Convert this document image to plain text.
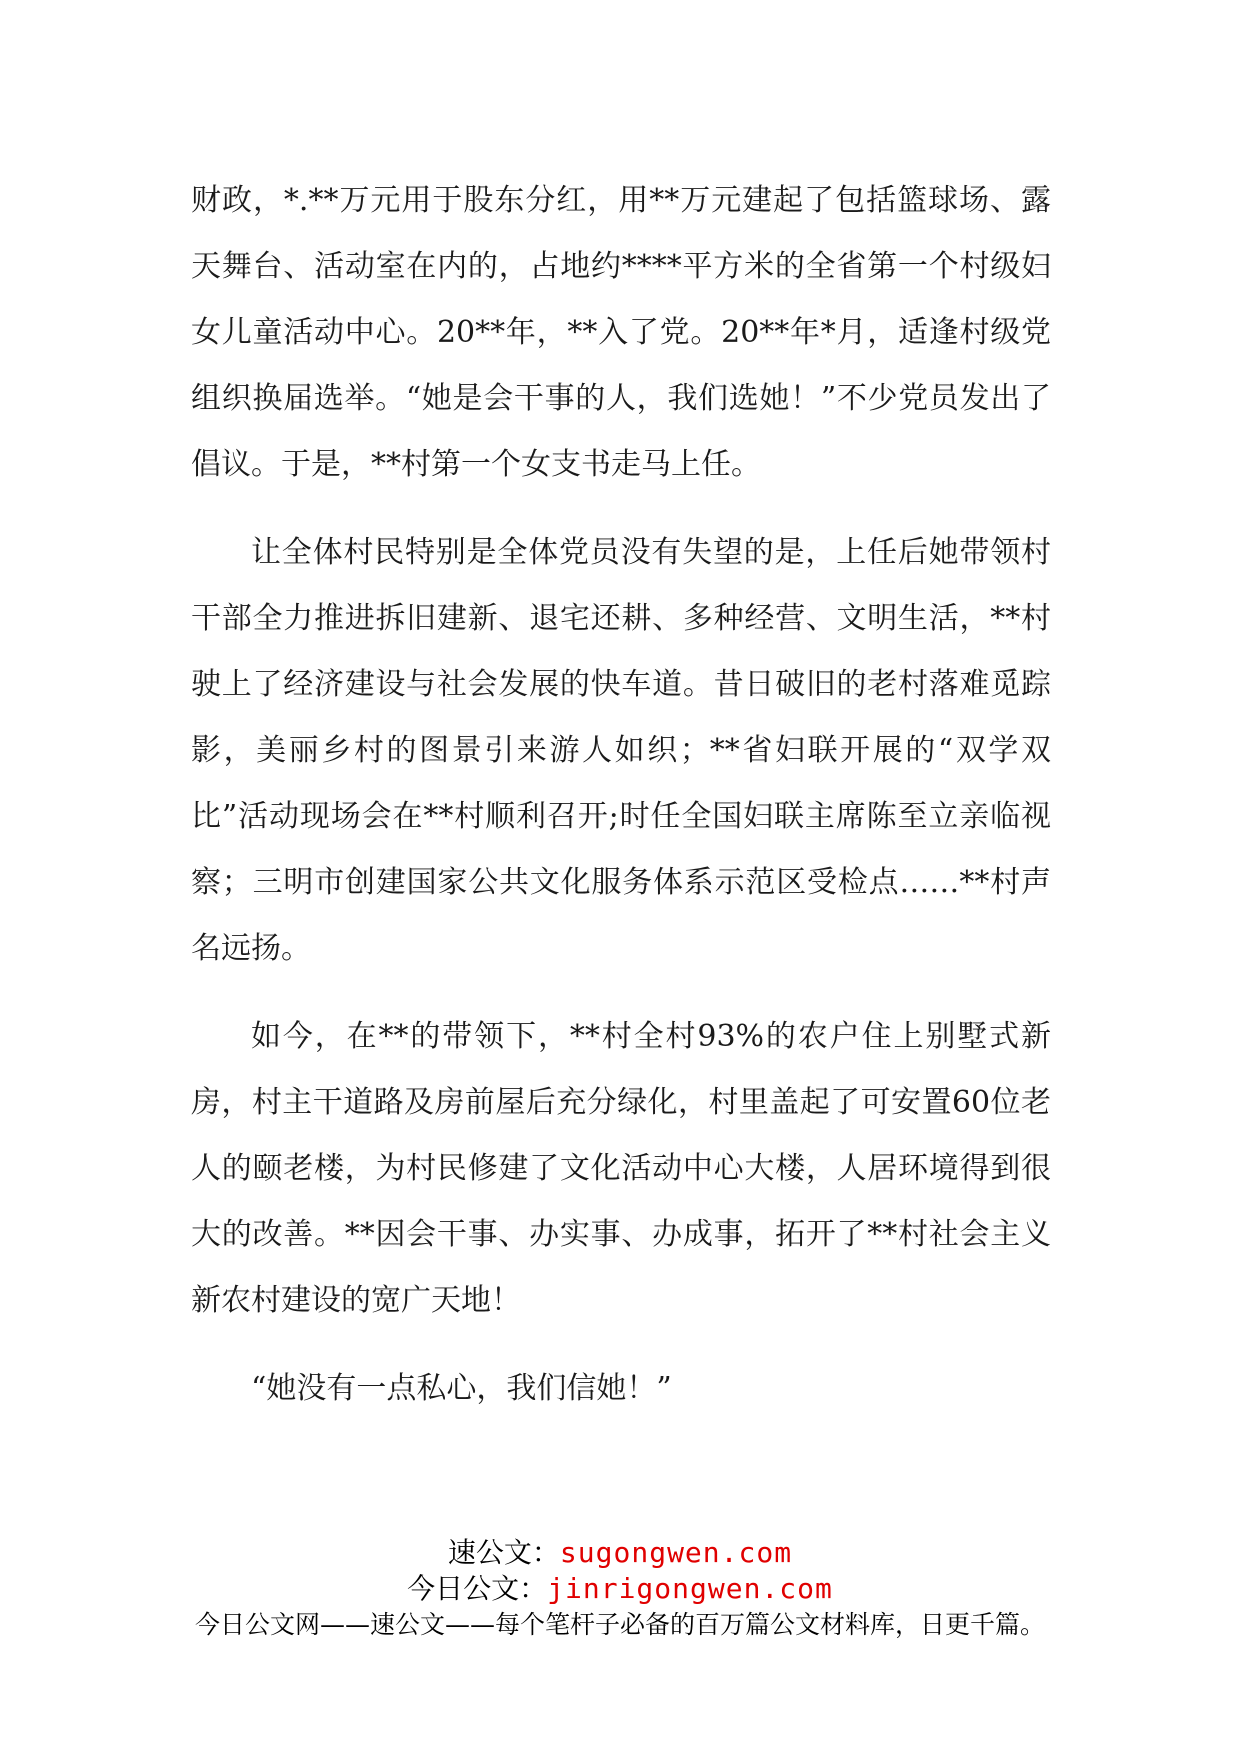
财政，*.**万元用于股东分红，用**万元建起了包括篮球场、露天舞台、活动室在内的，占地约****平方米的全省第一个村级妇女儿童活动中心。20**年，**入了党。20**年*月，适逢村级党组织换届选举。“她是会干事的人，我们选她！”不少党员发出了倡议。于是，**村第一个女支书走马上任。

让全体村民特别是全体党员没有失望的是，上任后她带领村干部全力推进拆旧建新、退宅还耕、多种经营、文明生活，**村驶上了经济建设与社会发展的快车道。昔日破旧的老村落难觅踪影，美丽乡村的图景引来游人如织；**省妇联开展的“双学双比”活动现场会在**村顺利召开;时任全国妇联主席陈至立亲临视察；三明市创建国家公共文化服务体系示范区受检点……**村声名远扬。

如今，在**的带领下，**村全村93%的农户住上别墅式新房，村主干道路及房前屋后充分绿化，村里盖起了可安置60位老人的颐老楼，为村民修建了文化活动中心大楼，人居环境得到很大的改善。**因会干事、办实事、办成事，拓开了**村社会主义新农村建设的宽广天地！

“她没有一点私心，我们信她！”

速公文：sugongwen.com
今日公文：jinrigongwen.com
今日公文网——速公文——每个笔杆子必备的百万篇公文材料库，日更千篇。
